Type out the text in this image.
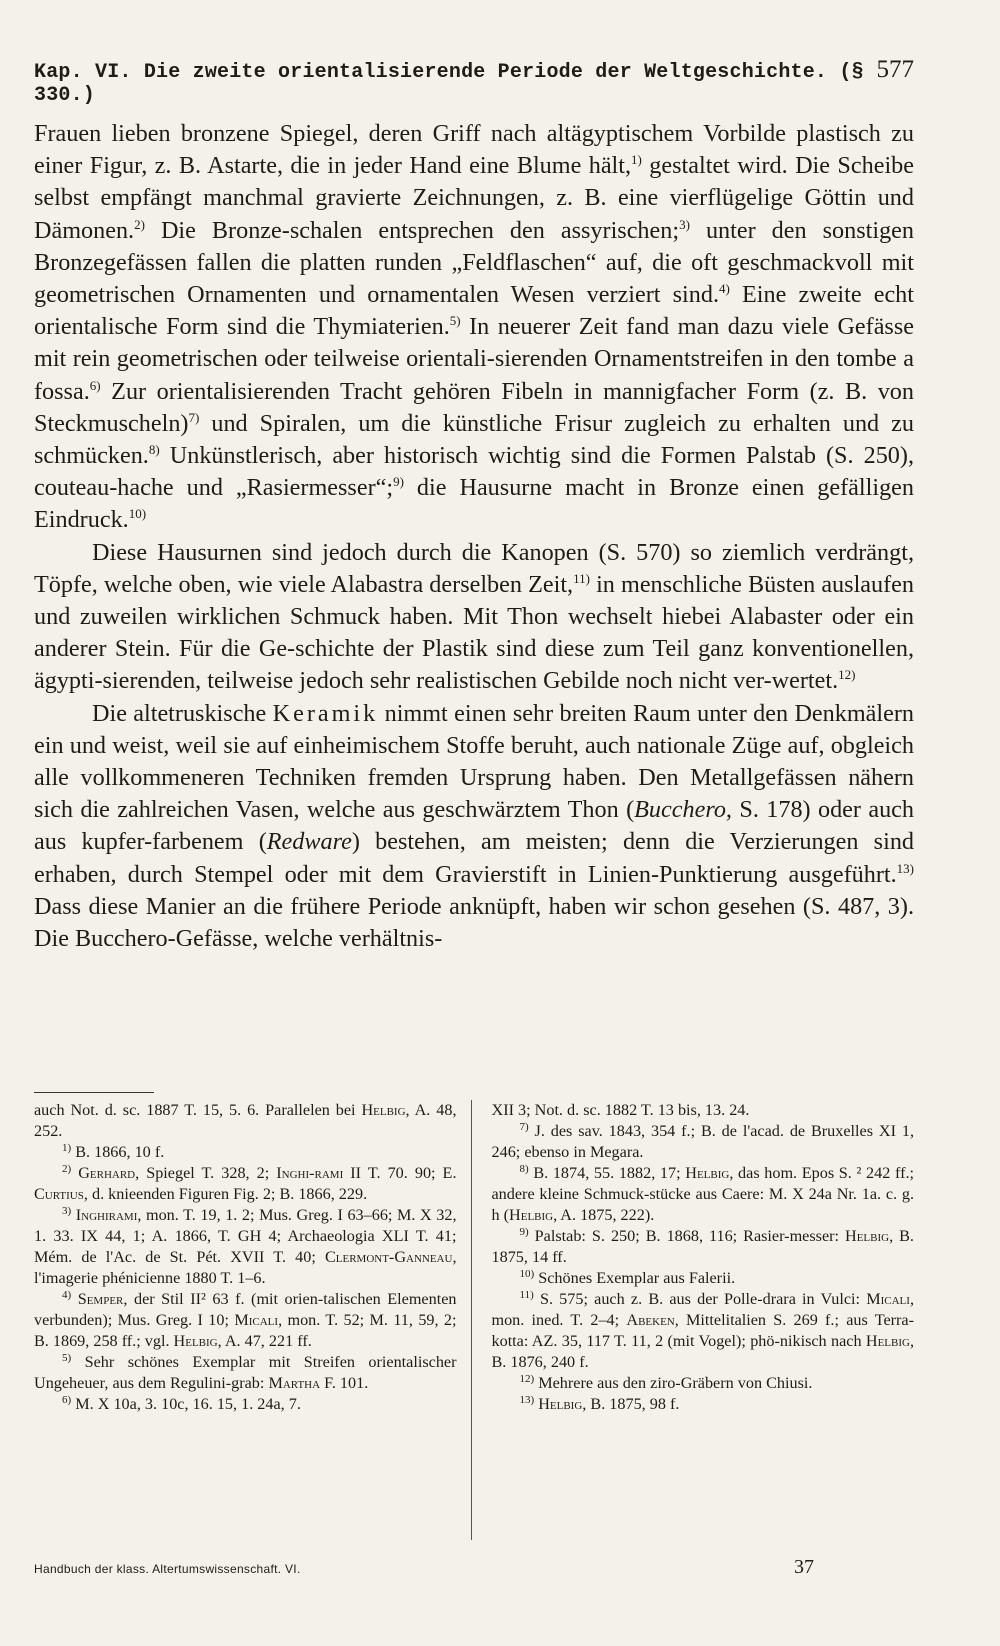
Kap. VI. Die zweite orientalisierende Periode der Weltgeschichte. (§ 330.)
577

Frauen lieben bronzene Spiegel, deren Griff nach altägyptischem Vorbilde plastisch zu einer Figur, z. B. Astarte, die in jeder Hand eine Blume hält,$^{1)}$ gestaltet wird. Die Scheibe selbst empfängt manchmal gravierte Zeichnungen, z. B. eine vierflügelige Göttin und Dämonen.$^{2)}$ Die Bronze-schalen entsprechen den assyrischen;$^{3)}$ unter den sonstigen Bronzegefässen fallen die platten runden „Feldflaschen“ auf, die oft geschmackvoll mit geometrischen Ornamenten und ornamentalen Wesen verziert sind.$^{4)}$ Eine zweite echt orientalische Form sind die Thymiaterien.$^{5)}$ In neuerer Zeit fand man dazu viele Gefässe mit rein geometrischen oder teilweise orientali-sierenden Ornamentstreifen in den tombe a fossa.$^{6)}$ Zur orientalisierenden Tracht gehören Fibeln in mannigfacher Form (z. B. von Steckmuscheln)$^{7)}$ und Spiralen, um die künstliche Frisur zugleich zu erhalten und zu schmücken.$^{8)}$ Unkünstlerisch, aber historisch wichtig sind die Formen Palstab (S. 250), couteau-hache und „Rasiermesser“;$^{9)}$ die Hausurne macht in Bronze einen gefälligen Eindruck.$^{10)}$

Diese Hausurnen sind jedoch durch die Kanopen (S. 570) so ziemlich verdrängt, Töpfe, welche oben, wie viele Alabastra derselben Zeit,$^{11)}$ in menschliche Büsten auslaufen und zuweilen wirklichen Schmuck haben. Mit Thon wechselt hiebei Alabaster oder ein anderer Stein. Für die Ge-schichte der Plastik sind diese zum Teil ganz konventionellen, ägypti-sierenden, teilweise jedoch sehr realistischen Gebilde noch nicht ver-wertet.$^{12)}$

Die altetruskische Keramik nimmt einen sehr breiten Raum unter den Denkmälern ein und weist, weil sie auf einheimischem Stoffe beruht, auch nationale Züge auf, obgleich alle vollkommeneren Techniken fremden Ursprung haben. Den Metallgefässen nähern sich die zahlreichen Vasen, welche aus geschwärztem Thon (Bucchero, S. 178) oder auch aus kupfer-farbenem (Redware) bestehen, am meisten; denn die Verzierungen sind erhaben, durch Stempel oder mit dem Gravierstift in Linien-Punktierung ausgeführt.$^{13)}$ Dass diese Manier an die frühere Periode anknüpft, haben wir schon gesehen (S. 487, 3). Die Bucchero-Gefässe, welche verhältnis-

auch Not. d. sc. 1887 T. 15, 5. 6. Parallelen bei Helbig, A. 48, 252.

$^{1)}$ B. 1866, 10 f.

$^{2)}$ Gerhard, Spiegel T. 328, 2; Inghi-rami II T. 70. 90; E. Curtius, d. knieenden Figuren Fig. 2; B. 1866, 229.

$^{3)}$ Inghirami, mon. T. 19, 1. 2; Mus. Greg. I 63–66; M. X 32, 1. 33. IX 44, 1; A. 1866, T. GH 4; Archaeologia XLI T. 41; Mém. de l'Ac. de St. Pét. XVII T. 40; Clermont-Ganneau, l'imagerie phénicienne 1880 T. 1–6.

$^{4)}$ Semper, der Stil II² 63 f. (mit orien-talischen Elementen verbunden); Mus. Greg. I 10; Micali, mon. T. 52; M. 11, 59, 2; B. 1869, 258 ff.; vgl. Helbig, A. 47, 221 ff.

$^{5)}$ Sehr schönes Exemplar mit Streifen orientalischer Ungeheuer, aus dem Regulini-grab: Martha F. 101.

$^{6)}$ M. X 10a, 3. 10c, 16. 15, 1. 24a, 7.

XII 3; Not. d. sc. 1882 T. 13 bis, 13. 24.

$^{7)}$ J. des sav. 1843, 354 f.; B. de l'acad. de Bruxelles XI 1, 246; ebenso in Megara.

$^{8)}$ B. 1874, 55. 1882, 17; Helbig, das hom. Epos S. ² 242 ff.; andere kleine Schmuck-stücke aus Caere: M. X 24a Nr. 1a. c. g. h (Helbig, A. 1875, 222).

$^{9)}$ Palstab: S. 250; B. 1868, 116; Rasier-messer: Helbig, B. 1875, 14 ff.

$^{10)}$ Schönes Exemplar aus Falerii.

$^{11)}$ S. 575; auch z. B. aus der Polle-drara in Vulci: Micali, mon. ined. T. 2–4; Abeken, Mittelitalien S. 269 f.; aus Terra-kotta: AZ. 35, 117 T. 11, 2 (mit Vogel); phö-nikisch nach Helbig, B. 1876, 240 f.

$^{12)}$ Mehrere aus den ziro-Gräbern von Chiusi.

$^{13)}$ Helbig, B. 1875, 98 f.

Handbuch der klass. Altertumswissenschaft. VI.	37
